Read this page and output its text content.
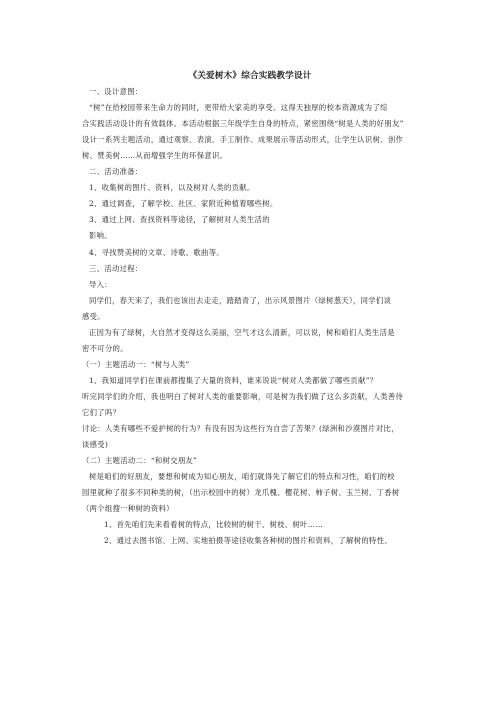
《关爱树木》综合实践教学设计
一、设计意图：
“树”在给校园带来生命力的同时，更带给大家美的享受。这得天独厚的校本资源成为了综
合实践活动设计的有效载体。本活动根据三年级学生自身的特点，紧密围绕“树是人类的好朋友”
设计一系列主题活动，通过观察、表演、手工制作、成果展示等活动形式，让学生认识树、创作
树、赞美树……从而增强学生的环保意识。
二、活动准备：
1、收集树的图片、资料，以及树对人类的贡献。
2、通过调查，了解学校、社区、家附近种植着哪些树。
3、通过上网、查找资料等途径，了解树对人类生活的
影响。
4、寻找赞美树的文章、诗歌、歌曲等。
三、活动过程：
导入：
同学们，春天来了，我们也该出去走走，踏踏青了，出示风景图片（绿树葱天），同学们谈
感受。
正因为有了绿树，大自然才变得这么美丽，空气才这么清新，可以说，树和咱们人类生活是
密不可分的。
（一）主题活动一：“树与人类”
1、我知道同学们在课前都搜集了大量的资料，谁来说说“树对人类都做了哪些贡献”？
听完同学们的介绍，我也明白了树对人类的重要影响，可是树为我们做了这么多贡献，人类善待
它们了吗？
讨论：人类有哪些不爱护树的行为？有没有因为这些行为自尝了苦果？(绿洲和沙漠图片对比，
谈感受)
（二）主题活动二：“和树交朋友”
树是咱们的好朋友，要想和树成为知心朋友，咱们就得先了解它们的特点和习性，咱们的校
园里就种了很多不同种类的树，（出示校园中的树）龙爪槐、樱花树、柿子树、玉兰树、丁香树
（两个组搜一种树的资料）
1、首先咱们先来看看树的特点，比较树的树干、树枝、树叶……
2、通过去图书馆、上网、实地拍摄等途径收集各种树的图片和资料，了解树的特性、
